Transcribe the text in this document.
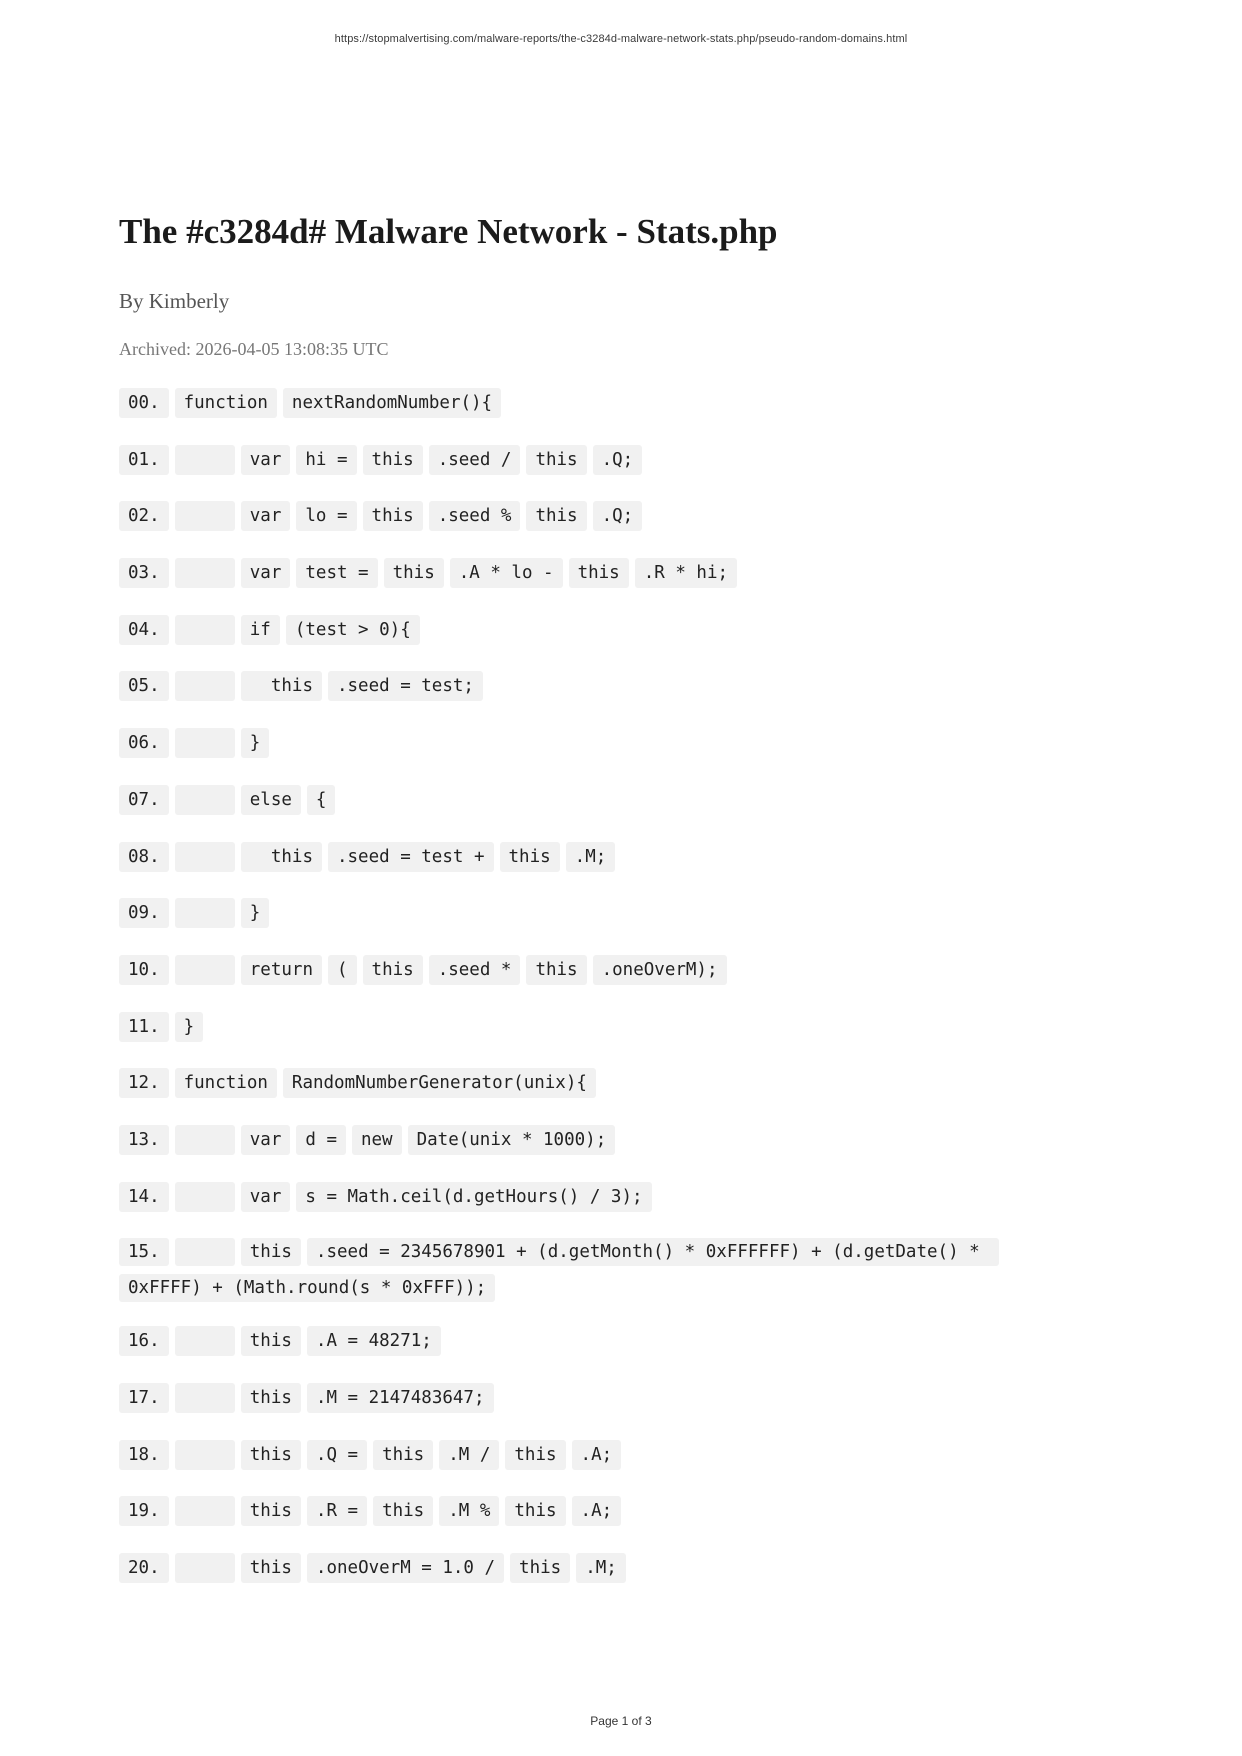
https://stopmalvertising.com/malware-reports/the-c3284d-malware-network-stats.php/pseudo-random-domains.html
The #c3284d# Malware Network - Stats.php
By Kimberly
Archived: 2026-04-05 13:08:35 UTC
00. function nextRandomNumber(){
01.	var hi = this .seed / this .Q;
02.	var lo = this .seed % this .Q;
03.	var test = this .A * lo - this .R * hi;
04.	if (test > 0){
05.	this .seed = test;
06.	}
07.	else {
08.	this .seed = test + this .M;
09.	}
10.	return ( this .seed * this .oneOverM);
11. }
12. function RandomNumberGenerator(unix){
13.	var d = new Date(unix * 1000);
14.	var s = Math.ceil(d.getHours() / 3);
15.	this .seed = 2345678901 + (d.getMonth() * 0xFFFFFF) + (d.getDate() * 0xFFFF) + (Math.round(s * 0xFFF));
16.	this .A = 48271;
17.	this .M = 2147483647;
18.	this .Q = this .M / this .A;
19.	this .R = this .M % this .A;
20.	this .oneOverM = 1.0 / this .M;
Page 1 of 3
